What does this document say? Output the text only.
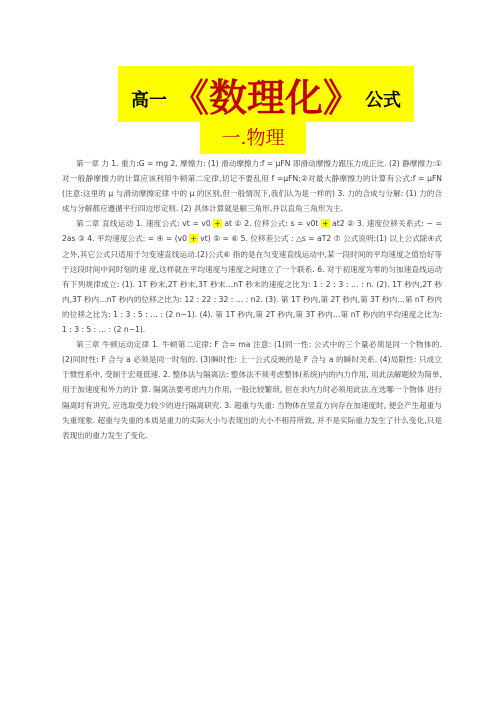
高一 《数理化》 公式
一.物理

第一章 力 1. 重力:G = mg 2. 摩擦力: (1) 滑动摩擦力:f = μFN 即滑动摩擦力跟压力成正比. (2) 静摩擦力:①对一般静摩擦力的计算应该利用牛顿第二定律,切记不要乱用 f =μFN;②对最大静摩擦力的计算有公式:f = μFN (注意:这里的 μ 与滑动摩擦定律 中的 μ 的区别,但一般情况下,我们认为是一样的) 3. 力的合成与分解: (1) 力的合成与分解都应遵循平行四边形定则. (2) 具体计算就是解三角形,并以直角三角形为主.

第二章 直线运动 1. 速度公式: vt = v0 + at ① 2. 位移公式: s = v0t + at2 ② 3. 速度位移关系式: − = 2as ③ 4. 平均速度公式: = ④ = (v0 + vt) ⑤ = ⑥ 5. 位移差公式 : △s = aT2 ⑦ 公式说明:(1) 以上公式除④式之外,其它公式只适用于匀变速直线运动.(2)公式⑥ 指的是在匀变速直线运动中,某一段时间的平均速度之值恰好等于这段时间中间时刻的速 度,这样就在平均速度与速度之间建立了一个联系. 6. 对于初速度为零的匀加速直线运动有下列规律成立: (1). 1T 秒末,2T 秒末,3T 秒末…nT 秒末的速度之比为: 1 : 2 : 3 : … : n. (2). 1T 秒内,2T 秒内,3T 秒内…nT 秒内的位移之比为: 12 : 22 : 32 : … : n2. (3). 第 1T 秒内,第 2T 秒内,第 3T 秒内…第 nT 秒内的位移之比为: 1 : 3 : 5 : … : (2 n−1). (4). 第 1T 秒内,第 2T 秒内,第 3T 秒内…第 nT 秒内的平均速度之比为: 1 : 3 : 5 : … : (2 n−1).

第三章 牛顿运动定律 1. 牛顿第二定律: F 合= ma 注意: (1)同一性: 公式中的三个量必须是同一个物体的. (2)同时性: F 合与 a 必须是同一时刻的. (3)瞬时性: 上一公式反映的是 F 合与 a 的瞬时关系. (4)局限性: 只成立于惯性系中, 受制于宏观低速. 2. 整体法与隔离法: 整体法不须考虑整体(系统)内的内力作用, 用此法解题较为简单, 用于加速度和外力的计 算. 隔离法要考虑内力作用, 一般比较繁琐, 但在求内力时必须用此法,在选哪一个物体 进行隔离时有讲究, 应选取受力较少的进行隔离研究. 3. 超重与失重: 当物体在竖直方向存在加速度时, 便会产生超重与失重现象. 超重与失重的本质是重力的实际大小与表现出的大小不相符所致, 并不是实际重力发生了什么变化,只是表现出的重力发生了变化.
